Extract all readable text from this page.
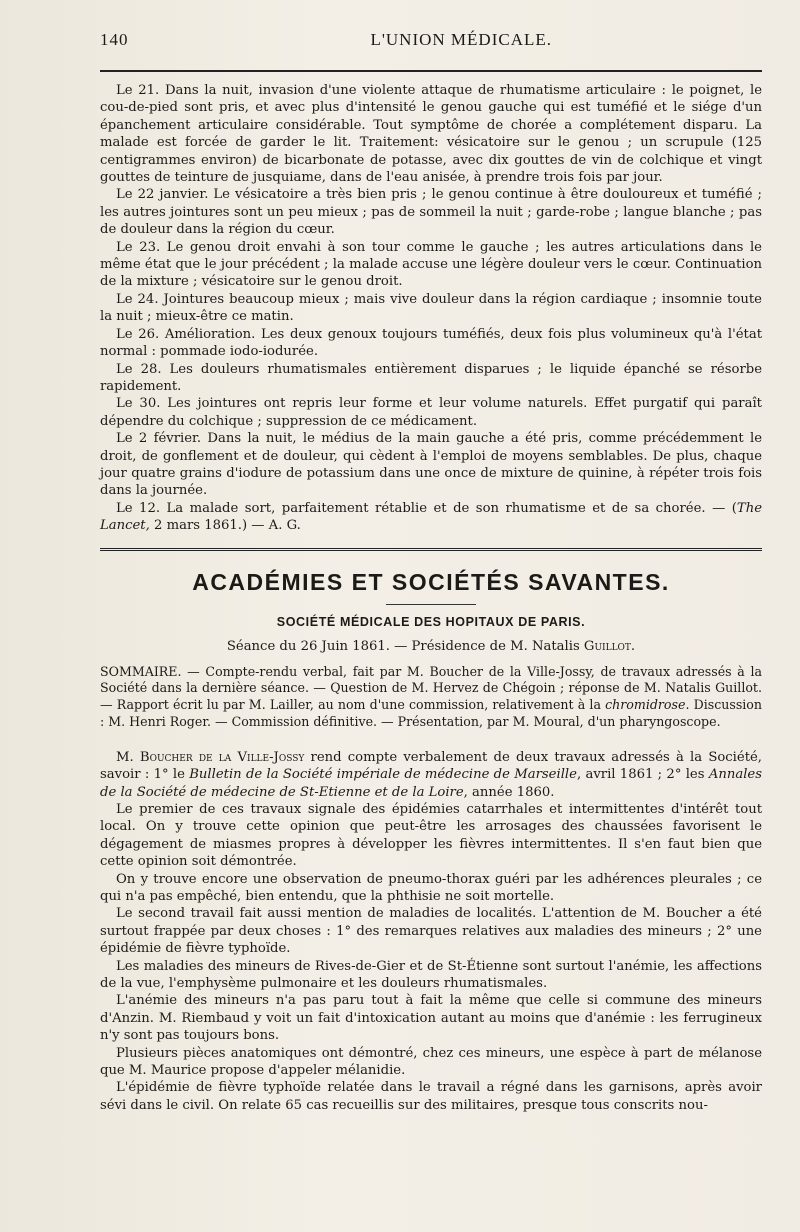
140	L'UNION MÉDICALE.

Le 21. Dans la nuit, invasion d'une violente attaque de rhumatisme articulaire : le poignet, le cou-de-pied sont pris, et avec plus d'intensité le genou gauche qui est tuméfié et le siége d'un épanchement articulaire considérable. Tout symptôme de chorée a complétement disparu. La malade est forcée de garder le lit. Traitement: vésicatoire sur le genou ; un scrupule (125 centigrammes environ) de bicarbonate de potasse, avec dix gouttes de vin de colchique et vingt gouttes de teinture de jusquiame, dans de l'eau anisée, à prendre trois fois par jour.

Le 22 janvier. Le vésicatoire a très bien pris ; le genou continue à être douloureux et tuméfié ; les autres jointures sont un peu mieux ; pas de sommeil la nuit ; garde-robe ; langue blanche ; pas de douleur dans la région du cœur.

Le 23. Le genou droit envahi à son tour comme le gauche ; les autres articulations dans le même état que le jour précédent ; la malade accuse une légère douleur vers le cœur. Continuation de la mixture ; vésicatoire sur le genou droit.

Le 24. Jointures beaucoup mieux ; mais vive douleur dans la région cardiaque ; insomnie toute la nuit ; mieux-être ce matin.

Le 26. Amélioration. Les deux genoux toujours tuméfiés, deux fois plus volumineux qu'à l'état normal : pommade iodo-iodurée.

Le 28. Les douleurs rhumatismales entièrement disparues ; le liquide épanché se résorbe rapidement.

Le 30. Les jointures ont repris leur forme et leur volume naturels. Effet purgatif qui paraît dépendre du colchique ; suppression de ce médicament.

Le 2 février. Dans la nuit, le médius de la main gauche a été pris, comme précédemment le droit, de gonflement et de douleur, qui cèdent à l'emploi de moyens semblables. De plus, chaque jour quatre grains d'iodure de potassium dans une once de mixture de quinine, à répéter trois fois dans la journée.

Le 12. La malade sort, parfaitement rétablie et de son rhumatisme et de sa chorée. — (The Lancet, 2 mars 1861.) — A. G.

ACADÉMIES ET SOCIÉTÉS SAVANTES.
SOCIÉTÉ MÉDICALE DES HOPITAUX DE PARIS.
Séance du 26 Juin 1861. — Présidence de M. Natalis Guillot.

SOMMAIRE. — Compte-rendu verbal, fait par M. Boucher de la Ville-Jossy, de travaux adressés à la Société dans la dernière séance. — Question de M. Hervez de Chégoin ; réponse de M. Natalis Guillot. — Rapport écrit lu par M. Lailler, au nom d'une commission, relativement à la chromidrose. Discussion : M. Henri Roger. — Commission définitive. — Présentation, par M. Moural, d'un pharyngoscope.

M. Boucher de la Ville-Jossy rend compte verbalement de deux travaux adressés à la Société, savoir : 1° le Bulletin de la Société impériale de médecine de Marseille, avril 1861 ; 2° les Annales de la Société de médecine de St-Etienne et de la Loire, année 1860.

Le premier de ces travaux signale des épidémies catarrhales et intermittentes d'intérêt tout local. On y trouve cette opinion que peut-être les arrosages des chaussées favorisent le dégagement de miasmes propres à développer les fièvres intermittentes. Il s'en faut bien que cette opinion soit démontrée.

On y trouve encore une observation de pneumo-thorax guéri par les adhérences pleurales ; ce qui n'a pas empêché, bien entendu, que la phthisie ne soit mortelle.

Le second travail fait aussi mention de maladies de localités. L'attention de M. Boucher a été surtout frappée par deux choses : 1° des remarques relatives aux maladies des mineurs ; 2° une épidémie de fièvre typhoïde.

Les maladies des mineurs de Rives-de-Gier et de St-Étienne sont surtout l'anémie, les affections de la vue, l'emphysème pulmonaire et les douleurs rhumatismales.

L'anémie des mineurs n'a pas paru tout à fait la même que celle si commune des mineurs d'Anzin. M. Riembaud y voit un fait d'intoxication autant au moins que d'anémie : les ferrugineux n'y sont pas toujours bons.

Plusieurs pièces anatomiques ont démontré, chez ces mineurs, une espèce à part de mélanose que M. Maurice propose d'appeler mélanidie.

L'épidémie de fièvre typhoïde relatée dans le travail a régné dans les garnisons, après avoir sévi dans le civil. On relate 65 cas recueillis sur des militaires, presque tous conscrits nou-
